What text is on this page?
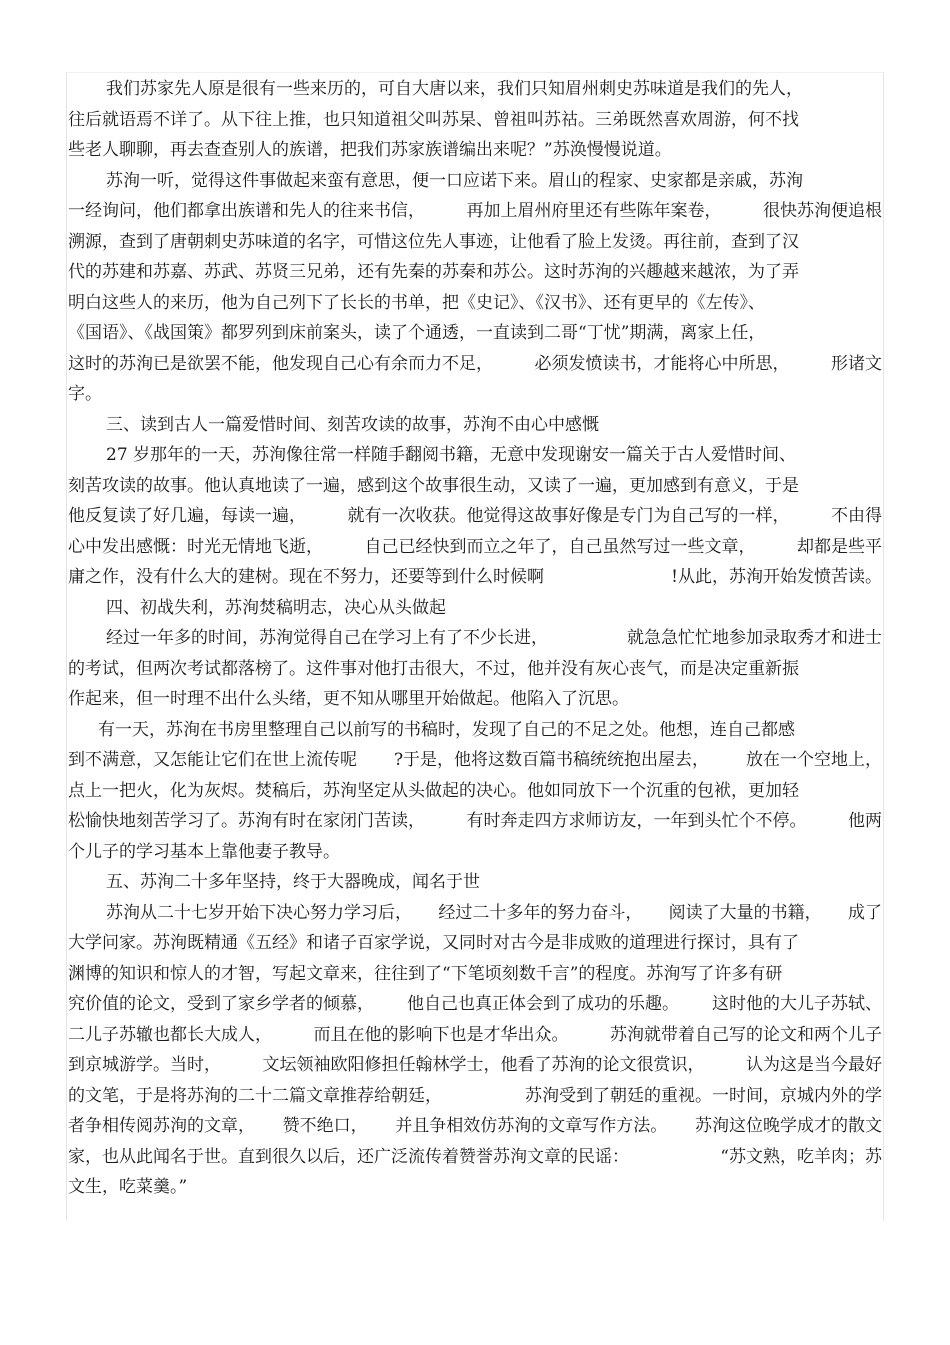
我们苏家先人原是很有一些来历的，可自大唐以来，我们只知眉州刺史苏味道是我们的先人，
往后就语焉不详了。从下往上推，也只知道祖父叫苏杲、曾祖叫苏祜。三弟既然喜欢周游，何不找
些老人聊聊，再去查查别人的族谱，把我们苏家族谱编出来呢？”苏涣慢慢说道。
苏洵一听，觉得这件事做起来蛮有意思，便一口应诺下来。眉山的程家、史家都是亲戚，苏洵
一经询问，他们都拿出族谱和先人的往来书信， 再加上眉州府里还有些陈年案卷， 很快苏洵便追根
溯源，查到了唐朝刺史苏味道的名字，可惜这位先人事迹，让他看了脸上发烫。再往前，查到了汉
代的苏建和苏嘉、苏武、苏贤三兄弟，还有先秦的苏秦和苏公。这时苏洵的兴趣越来越浓，为了弄
明白这些人的来历，他为自己列下了长长的书单，把《史记》、《汉书》、还有更早的《左传》、
《国语》、《战国策》都罗列到床前案头，读了个通透，一直读到二哥“丁忧”期满，离家上任，
这时的苏洵已是欲罢不能，他发现自己心有余而力不足， 必须发愤读书，才能将心中所思， 形诸文
字。
三、读到古人一篇爱惜时间、刻苦攻读的故事，苏洵不由心中感慨
27 岁那年的一天，苏洵像往常一样随手翻阅书籍，无意中发现谢安一篇关于古人爱惜时间、
刻苦攻读的故事。他认真地读了一遍，感到这个故事很生动，又读了一遍，更加感到有意义，于是
他反复读了好几遍，每读一遍， 就有一次收获。他觉得这故事好像是专门为自己写的一样， 不由得
心中发出感慨：时光无情地飞逝， 自己已经快到而立之年了，自己虽然写过一些文章， 却都是些平
庸之作，没有什么大的建树。现在不努力，还要等到什么时候啊	!从此，苏洵开始发愤苦读。
四、初战失利，苏洵焚稿明志，决心从头做起
经过一年多的时间，苏洵觉得自己在学习上有了不少长进，	就急急忙忙地参加录取秀才和进士
的考试，但两次考试都落榜了。这件事对他打击很大，不过，他并没有灰心丧气，而是决定重新振
作起来，但一时理不出什么头绪，更不知从哪里开始做起。他陷入了沉思。
有一天，苏洵在书房里整理自己以前写的书稿时，发现了自己的不足之处。他想，连自己都感
到不满意，又怎能让它们在世上流传呢 ?于是，他将这数百篇书稿统统抱出屋去， 放在一个空地上，
点上一把火，化为灰烬。焚稿后，苏洵坚定从头做起的决心。他如同放下一个沉重的包袱，更加轻
松愉快地刻苦学习了。苏洵有时在家闭门苦读， 有时奔走四方求师访友，一年到头忙个不停。 他两
个儿子的学习基本上靠他妻子教导。
五、苏洵二十多年坚持，终于大器晚成，闻名于世
苏洵从二十七岁开始下决心努力学习后， 经过二十多年的努力奋斗， 阅读了大量的书籍， 成了
大学问家。苏洵既精通《五经》和诸子百家学说，又同时对古今是非成败的道理进行探讨，具有了
渊博的知识和惊人的才智，写起文章来，往往到了“下笔顷刻数千言”的程度。苏洵写了许多有研
究价值的论文，受到了家乡学者的倾慕， 他自己也真正体会到了成功的乐趣。 这时他的大儿子苏轼、
二儿子苏辙也都长大成人， 而且在他的影响下也是才华出众。 苏洵就带着自己写的论文和两个儿子
到京城游学。当时， 文坛领袖欧阳修担任翰林学士，他看了苏洵的论文很赏识， 认为这是当今最好
的文笔，于是将苏洵的二十二篇文章推荐给朝廷，	苏洵受到了朝廷的重视。一时间，京城内外的学
者争相传阅苏洵的文章， 赞不绝口， 并且争相效仿苏洵的文章写作方法。 苏洵这位晚学成才的散文
家，也从此闻名于世。直到很久以后，还广泛流传着赞誉苏洵文章的民谣：	“苏文熟，吃羊肉；苏
文生，吃菜羹。”
